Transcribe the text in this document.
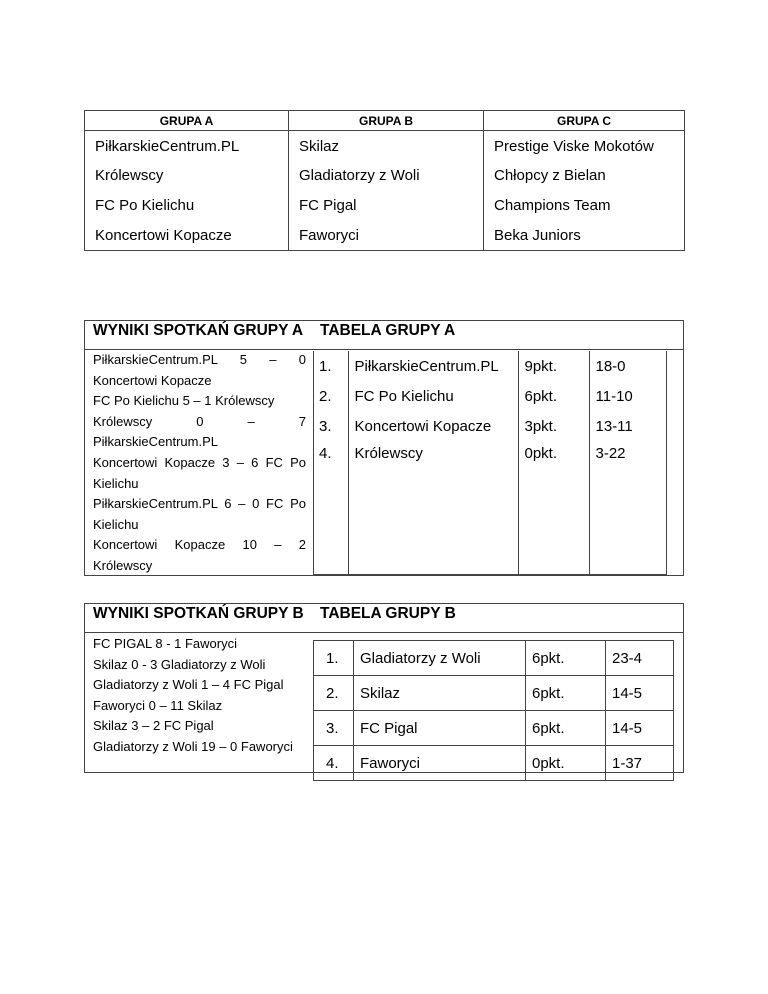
GRUPA A	GRUPA B	GRUPA C
PiłkarskieCentrum.PL	Skilaz	Prestige Viske Mokotów
Królewscy	Gladiatorzy z Woli	Chłopcy z Bielan
FC Po Kielichu	FC Pigal	Champions Team
Koncertowi Kopacze	Faworyci	Beka Juniors
WYNIKI SPOTKAŃ GRUPY A TABELA GRUPY A
PiłkarskieCentrum.PL 5 – 0 Koncertowi Kopacze
FC Po Kielichu 5 – 1 Królewscy
Królewscy 0 – 7 PiłkarskieCentrum.PL
Koncertowi Kopacze 3 – 6 FC Po Kielichu
PiłkarskieCentrum.PL 6 – 0 FC Po Kielichu
Koncertowi Kopacze 10 – 2 Królewscy
1.	PiłkarskieCentrum.PL	9pkt.	18-0
2.	FC Po Kielichu	6pkt.	11-10
3.	Koncertowi Kopacze	3pkt.	13-11
4.	Królewscy	0pkt.	3-22

WYNIKI SPOTKAŃ GRUPY B TABELA GRUPY B
FC PIGAL 8 - 1 Faworyci
Skilaz 0 - 3 Gladiatorzy z Woli
Gladiatorzy z Woli 1 – 4 FC Pigal
Faworyci 0 – 11 Skilaz
Skilaz 3 – 2 FC Pigal
Gladiatorzy z Woli 19 – 0 Faworyci
1.	Gladiatorzy z Woli	6pkt.	23-4
2.	Skilaz	6pkt.	14-5
3.	FC Pigal	6pkt.	14-5
4.	Faworyci	0pkt.	1-37
